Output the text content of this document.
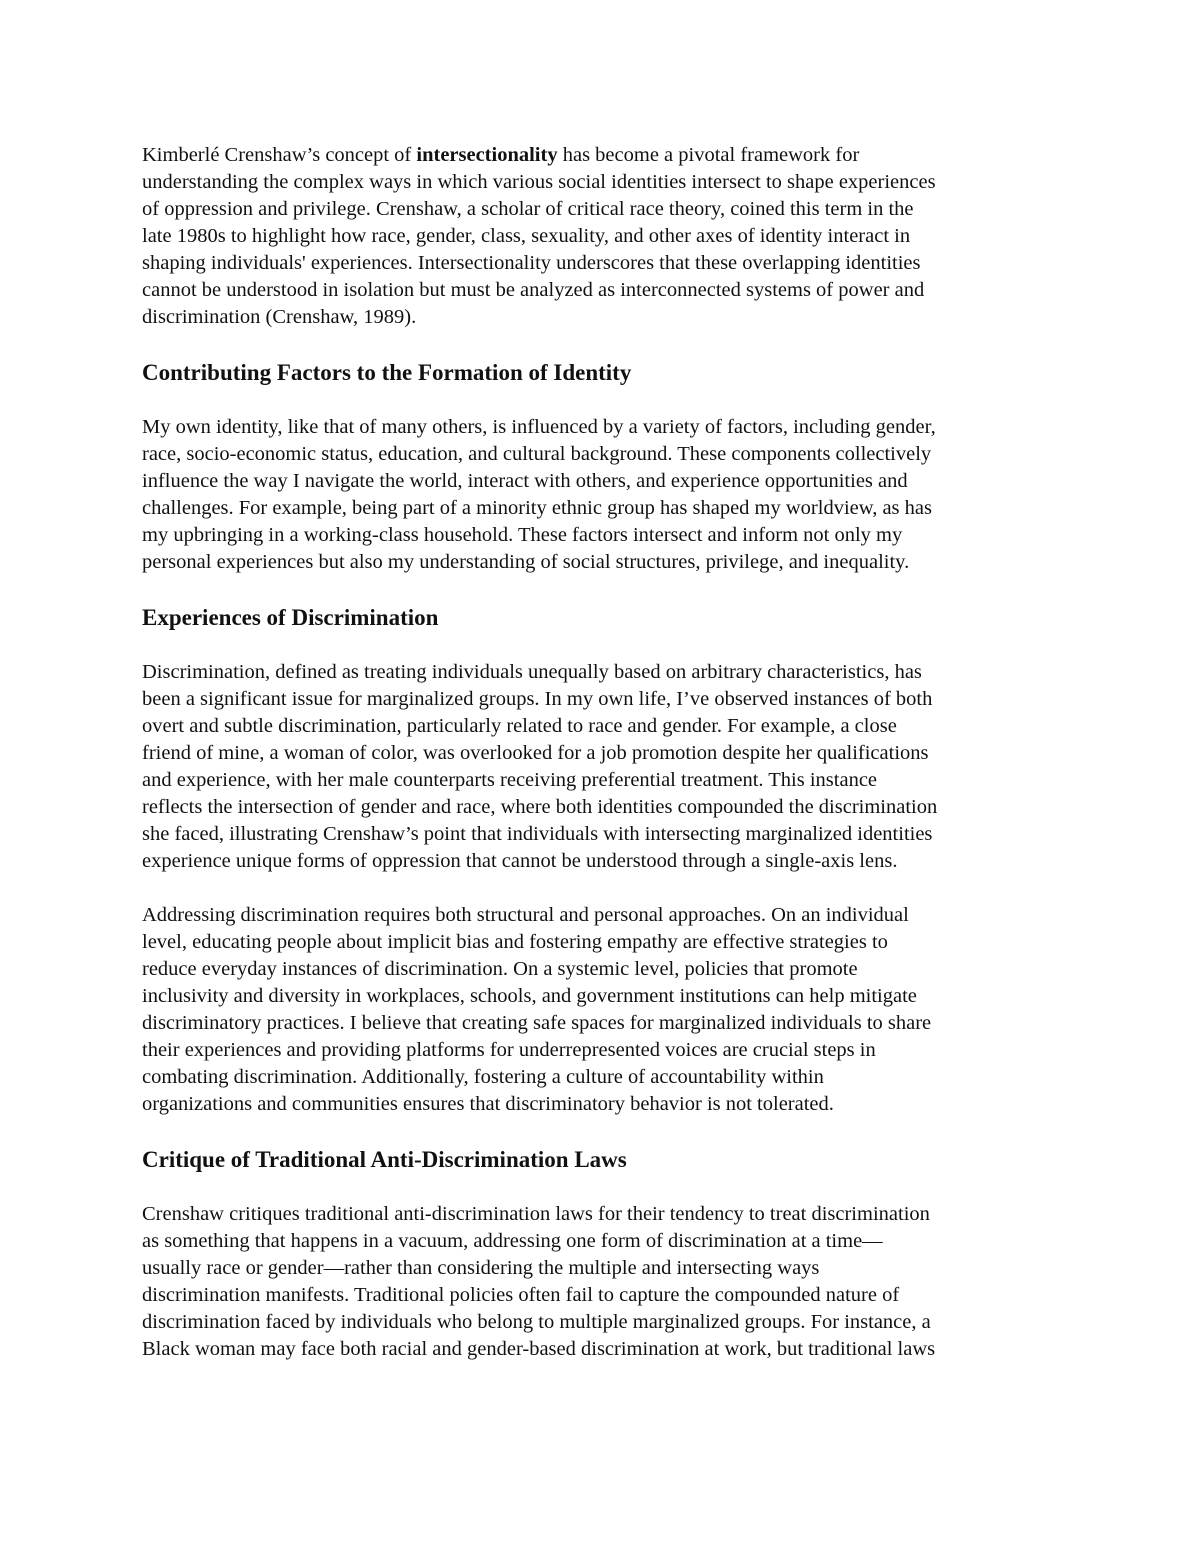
Kimberlé Crenshaw’s concept of intersectionality has become a pivotal framework for
understanding the complex ways in which various social identities intersect to shape experiences
of oppression and privilege. Crenshaw, a scholar of critical race theory, coined this term in the
late 1980s to highlight how race, gender, class, sexuality, and other axes of identity interact in
shaping individuals' experiences. Intersectionality underscores that these overlapping identities
cannot be understood in isolation but must be analyzed as interconnected systems of power and
discrimination (Crenshaw, 1989).

Contributing Factors to the Formation of Identity

My own identity, like that of many others, is influenced by a variety of factors, including gender,
race, socio-economic status, education, and cultural background. These components collectively
influence the way I navigate the world, interact with others, and experience opportunities and
challenges. For example, being part of a minority ethnic group has shaped my worldview, as has
my upbringing in a working-class household. These factors intersect and inform not only my
personal experiences but also my understanding of social structures, privilege, and inequality.

Experiences of Discrimination

Discrimination, defined as treating individuals unequally based on arbitrary characteristics, has
been a significant issue for marginalized groups. In my own life, I’ve observed instances of both
overt and subtle discrimination, particularly related to race and gender. For example, a close
friend of mine, a woman of color, was overlooked for a job promotion despite her qualifications
and experience, with her male counterparts receiving preferential treatment. This instance
reflects the intersection of gender and race, where both identities compounded the discrimination
she faced, illustrating Crenshaw’s point that individuals with intersecting marginalized identities
experience unique forms of oppression that cannot be understood through a single-axis lens.

Addressing discrimination requires both structural and personal approaches. On an individual
level, educating people about implicit bias and fostering empathy are effective strategies to
reduce everyday instances of discrimination. On a systemic level, policies that promote
inclusivity and diversity in workplaces, schools, and government institutions can help mitigate
discriminatory practices. I believe that creating safe spaces for marginalized individuals to share
their experiences and providing platforms for underrepresented voices are crucial steps in
combating discrimination. Additionally, fostering a culture of accountability within
organizations and communities ensures that discriminatory behavior is not tolerated.

Critique of Traditional Anti-Discrimination Laws

Crenshaw critiques traditional anti-discrimination laws for their tendency to treat discrimination
as something that happens in a vacuum, addressing one form of discrimination at a time—
usually race or gender—rather than considering the multiple and intersecting ways
discrimination manifests. Traditional policies often fail to capture the compounded nature of
discrimination faced by individuals who belong to multiple marginalized groups. For instance, a
Black woman may face both racial and gender-based discrimination at work, but traditional laws
